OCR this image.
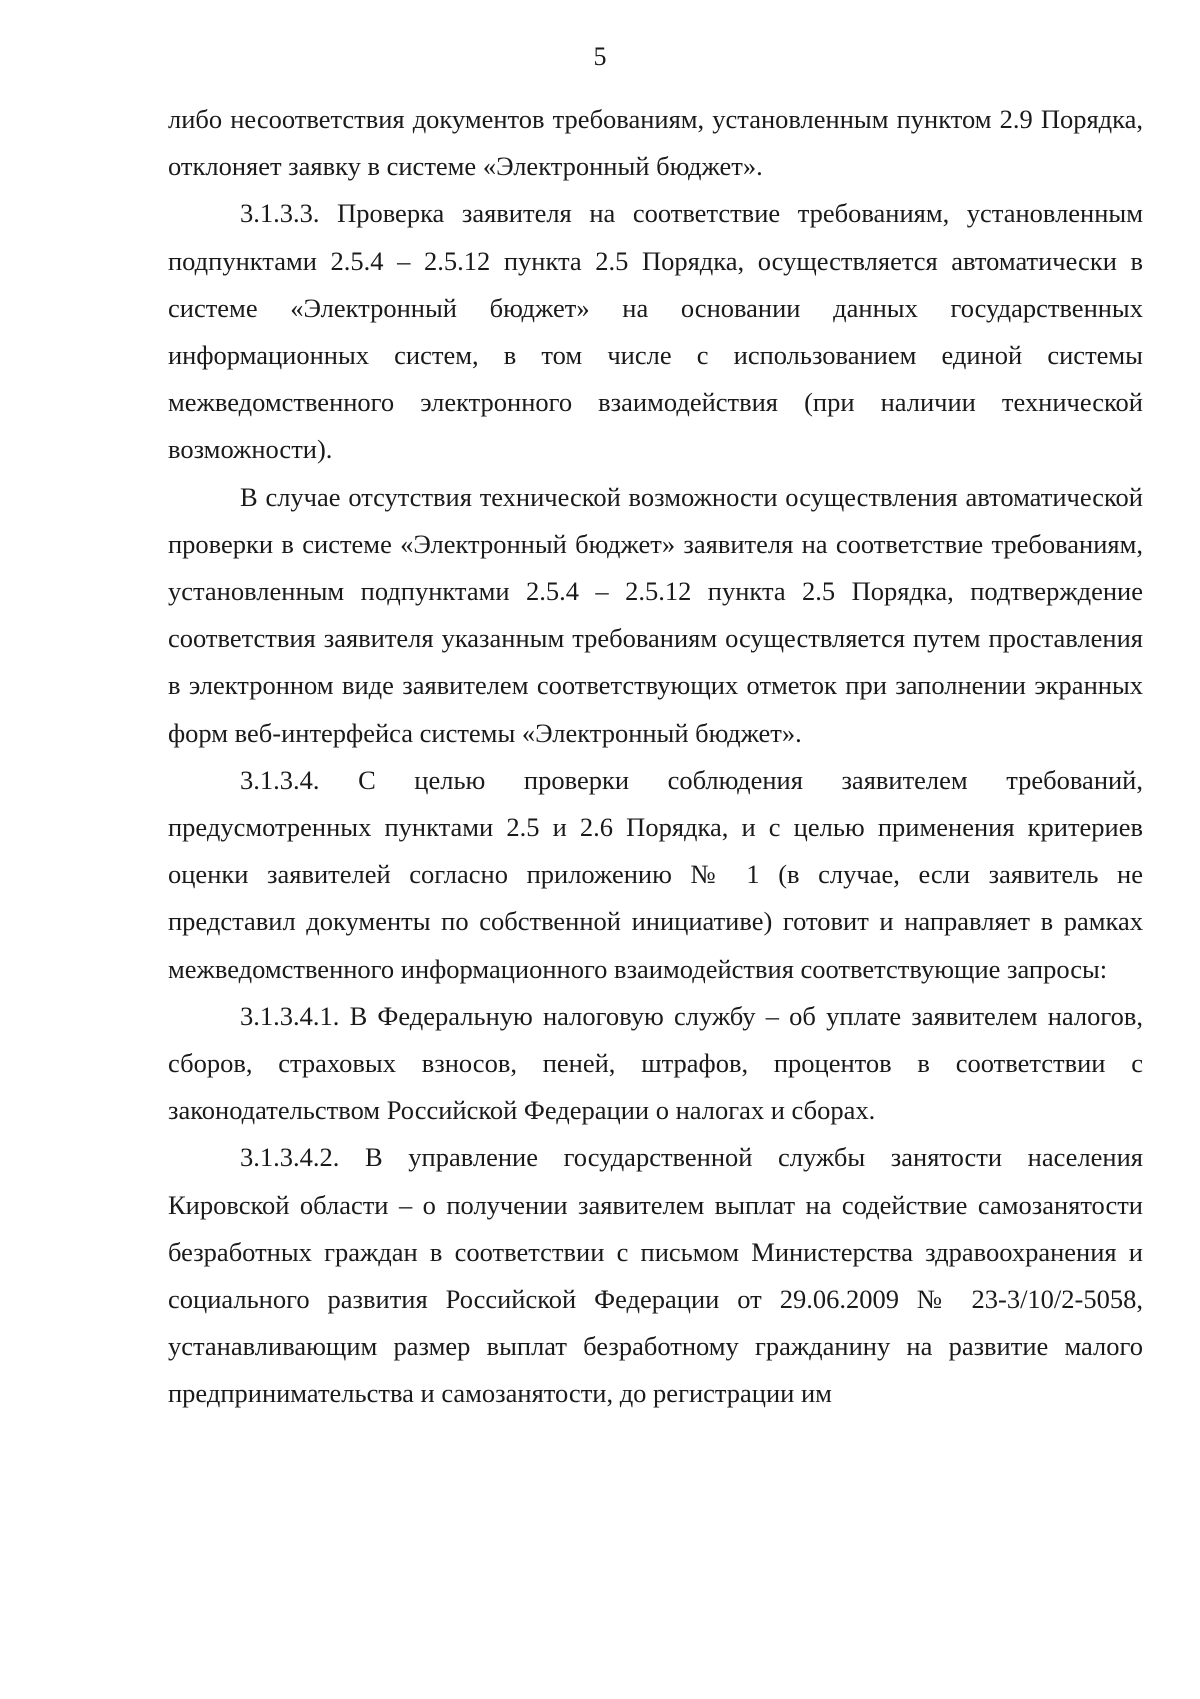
5

либо несоответствия документов требованиям, установленным пунктом 2.9 Порядка, отклоняет заявку в системе «Электронный бюджет».

3.1.3.3. Проверка заявителя на соответствие требованиям, установленным подпунктами 2.5.4 – 2.5.12 пункта 2.5 Порядка, осуществляется автоматически в системе «Электронный бюджет» на основании данных государственных информационных систем, в том числе с использованием единой системы межведомственного электронного взаимодействия (при наличии технической возможности).

В случае отсутствия технической возможности осуществления автоматической проверки в системе «Электронный бюджет» заявителя на соответствие требованиям, установленным подпунктами 2.5.4 – 2.5.12 пункта 2.5 Порядка, подтверждение соответствия заявителя указанным требованиям осуществляется путем проставления в электронном виде заявителем соответствующих отметок при заполнении экранных форм веб-интерфейса системы «Электронный бюджет».

3.1.3.4. С целью проверки соблюдения заявителем требований, предусмотренных пунктами 2.5 и 2.6 Порядка, и с целью применения критериев оценки заявителей согласно приложению № 1 (в случае, если заявитель не представил документы по собственной инициативе) готовит и направляет в рамках межведомственного информационного взаимодействия соответствующие запросы:

3.1.3.4.1. В Федеральную налоговую службу – об уплате заявителем налогов, сборов, страховых взносов, пеней, штрафов, процентов в соответствии с законодательством Российской Федерации о налогах и сборах.

3.1.3.4.2. В управление государственной службы занятости населения Кировской области – о получении заявителем выплат на содействие самозанятости безработных граждан в соответствии с письмом Министерства здравоохранения и социального развития Российской Федерации от 29.06.2009 № 23-3/10/2-5058, устанавливающим размер выплат безработному гражданину на развитие малого предпринимательства и самозанятости, до регистрации им
